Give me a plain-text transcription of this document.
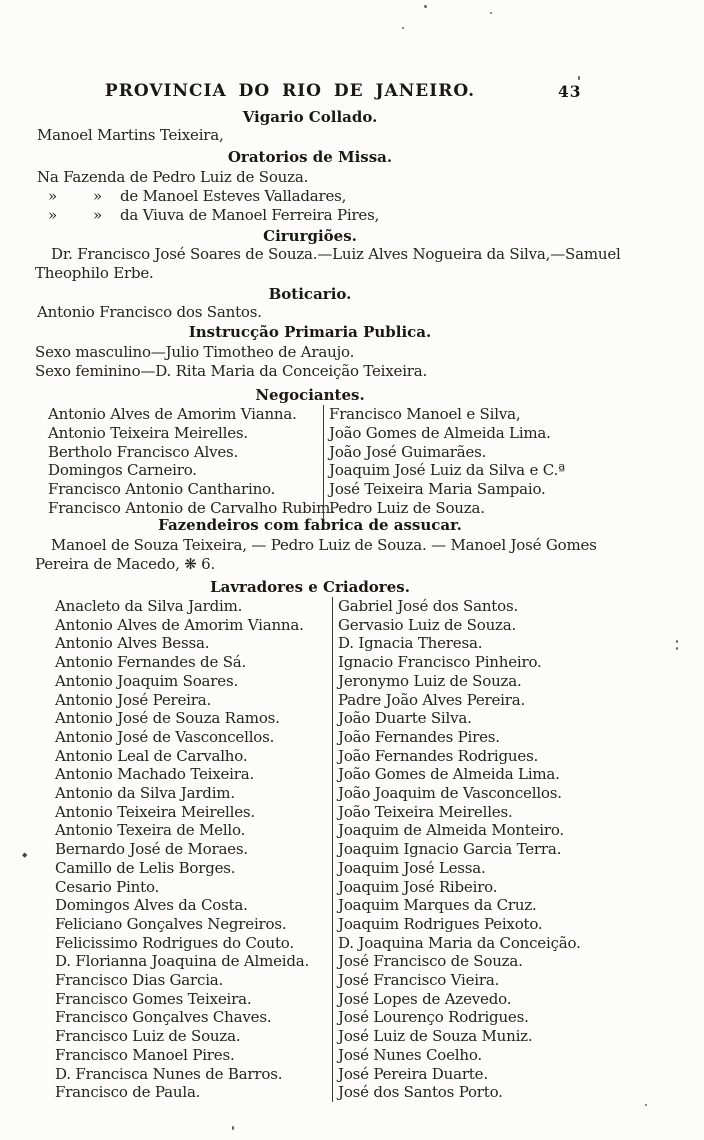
PROVINCIA DO RIO DE JANEIRO.	43
Vigario Collado.
Manoel Martins Teixeira,
Oratorios de Missa.
Na Fazenda de Pedro Luiz de Souza.
» » de Manoel Esteves Valladares,
» » da Viuva de Manoel Ferreira Pires,
Cirurgiões.
Dr. Francisco José Soares de Souza.—Luiz Alves Nogueira da Silva,—Samuel
Theophilo Erbe.
Boticario.
Antonio Francisco dos Santos.
Instrucção Primaria Publica.
Sexo masculino—Julio Timotheo de Araujo.
Sexo feminino—D. Rita Maria da Conceição Teixeira.
Negociantes.
Antonio Alves de Amorim Vianna.
Antonio Teixeira Meirelles.
Bertholo Francisco Alves.
Domingos Carneiro.
Francisco Antonio Cantharino.
Francisco Antonio de Carvalho Rubim.
Francisco Manoel e Silva,
João Gomes de Almeida Lima.
João José Guimarães.
Joaquim José Luiz da Silva e C.ª
José Teixeira Maria Sampaio.
Pedro Luiz de Souza.
Fazendeiros com fabrica de assucar.
Manoel de Souza Teixeira, — Pedro Luiz de Souza. — Manoel José Gomes
Pereira de Macedo, ❋ 6.
Lavradores e Criadores.
Anacleto da Silva Jardim.
Antonio Alves de Amorim Vianna.
Antonio Alves Bessa.
Antonio Fernandes de Sá.
Antonio Joaquim Soares.
Antonio José Pereira.
Antonio José de Souza Ramos.
Antonio José de Vasconcellos.
Antonio Leal de Carvalho.
Antonio Machado Teixeira.
Antonio da Silva Jardim.
Antonio Teixeira Meirelles.
Antonio Texeira de Mello.
Bernardo José de Moraes.
Camillo de Lelis Borges.
Cesario Pinto.
Domingos Alves da Costa.
Feliciano Gonçalves Negreiros.
Felicissimo Rodrigues do Couto.
D. Florianna Joaquina de Almeida.
Francisco Dias Garcia.
Francisco Gomes Teixeira.
Francisco Gonçalves Chaves.
Francisco Luiz de Souza.
Francisco Manoel Pires.
D. Francisca Nunes de Barros.
Francisco de Paula.
Gabriel José dos Santos.
Gervasio Luiz de Souza.
D. Ignacia Theresa.
Ignacio Francisco Pinheiro.
Jeronymo Luiz de Souza.
Padre João Alves Pereira.
João Duarte Silva.
João Fernandes Pires.
João Fernandes Rodrigues.
João Gomes de Almeida Lima.
João Joaquim de Vasconcellos.
João Teixeira Meirelles.
Joaquim de Almeida Monteiro.
Joaquim Ignacio Garcia Terra.
Joaquim José Lessa.
Joaquim José Ribeiro.
Joaquim Marques da Cruz.
Joaquim Rodrigues Peixoto.
D. Joaquina Maria da Conceição.
José Francisco de Souza.
José Francisco Vieira.
José Lopes de Azevedo.
José Lourenço Rodrigues.
José Luiz de Souza Muniz.
José Nunes Coelho.
José Pereira Duarte.
José dos Santos Porto.
◆
